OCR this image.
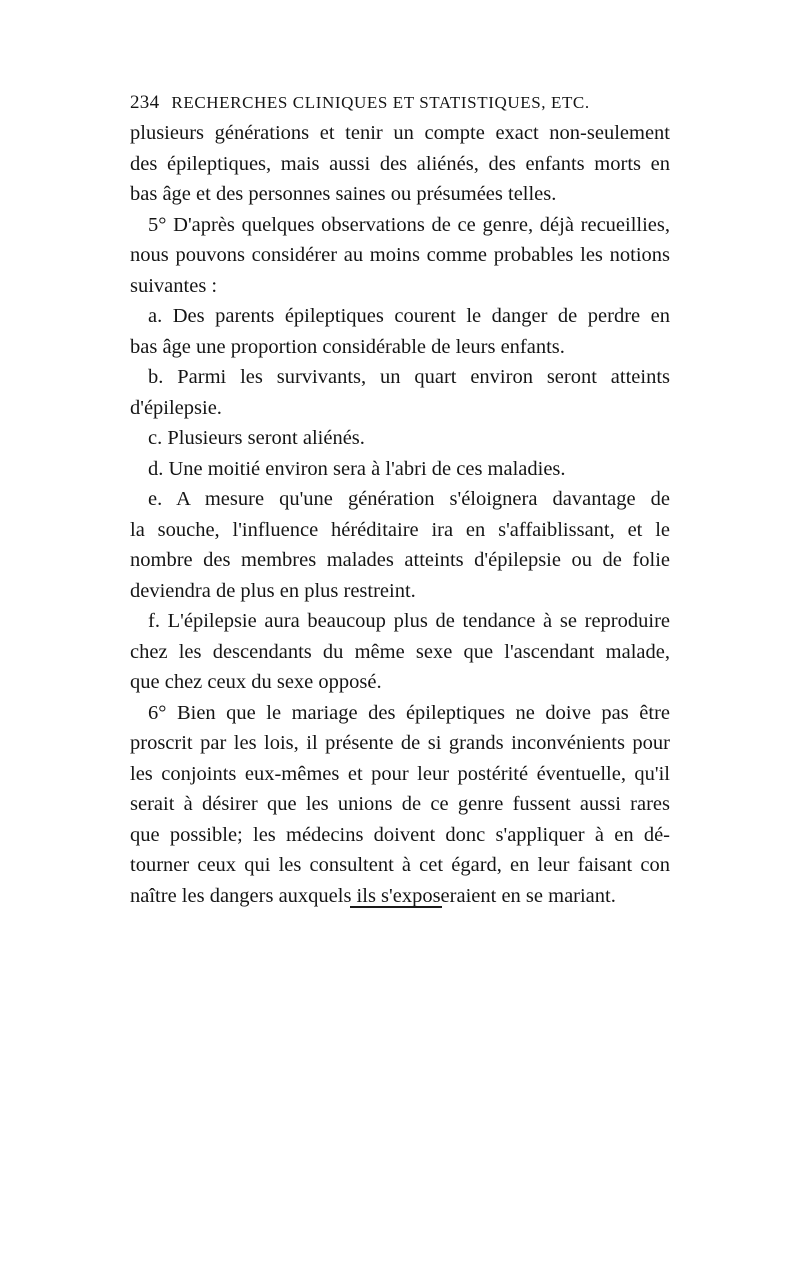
234 RECHERCHES CLINIQUES ET STATISTIQUES, ETC.
plusieurs générations et tenir un compte exact non-seulement
des épileptiques, mais aussi des aliénés, des enfants morts en
bas âge et des personnes saines ou présumées telles.
5° D'après quelques observations de ce genre, déjà recueillies,
nous pouvons considérer au moins comme probables les notions
suivantes :
a. Des parents épileptiques courent le danger de perdre en
bas âge une proportion considérable de leurs enfants.
b. Parmi les survivants, un quart environ seront atteints
d'épilepsie.
c. Plusieurs seront aliénés.
d. Une moitié environ sera à l'abri de ces maladies.
e. A mesure qu'une génération s'éloignera davantage de
la souche, l'influence héréditaire ira en s'affaiblissant, et le
nombre des membres malades atteints d'épilepsie ou de folie
deviendra de plus en plus restreint.
f. L'épilepsie aura beaucoup plus de tendance à se reproduire
chez les descendants du même sexe que l'ascendant malade,
que chez ceux du sexe opposé.
6° Bien que le mariage des épileptiques ne doive pas être
proscrit par les lois, il présente de si grands inconvénients pour
les conjoints eux-mêmes et pour leur postérité éventuelle, qu'il
serait à désirer que les unions de ce genre fussent aussi rares
que possible; les médecins doivent donc s'appliquer à en dé-
tourner ceux qui les consultent à cet égard, en leur faisant con
naître les dangers auxquels ils s'exposeraient en se mariant.
